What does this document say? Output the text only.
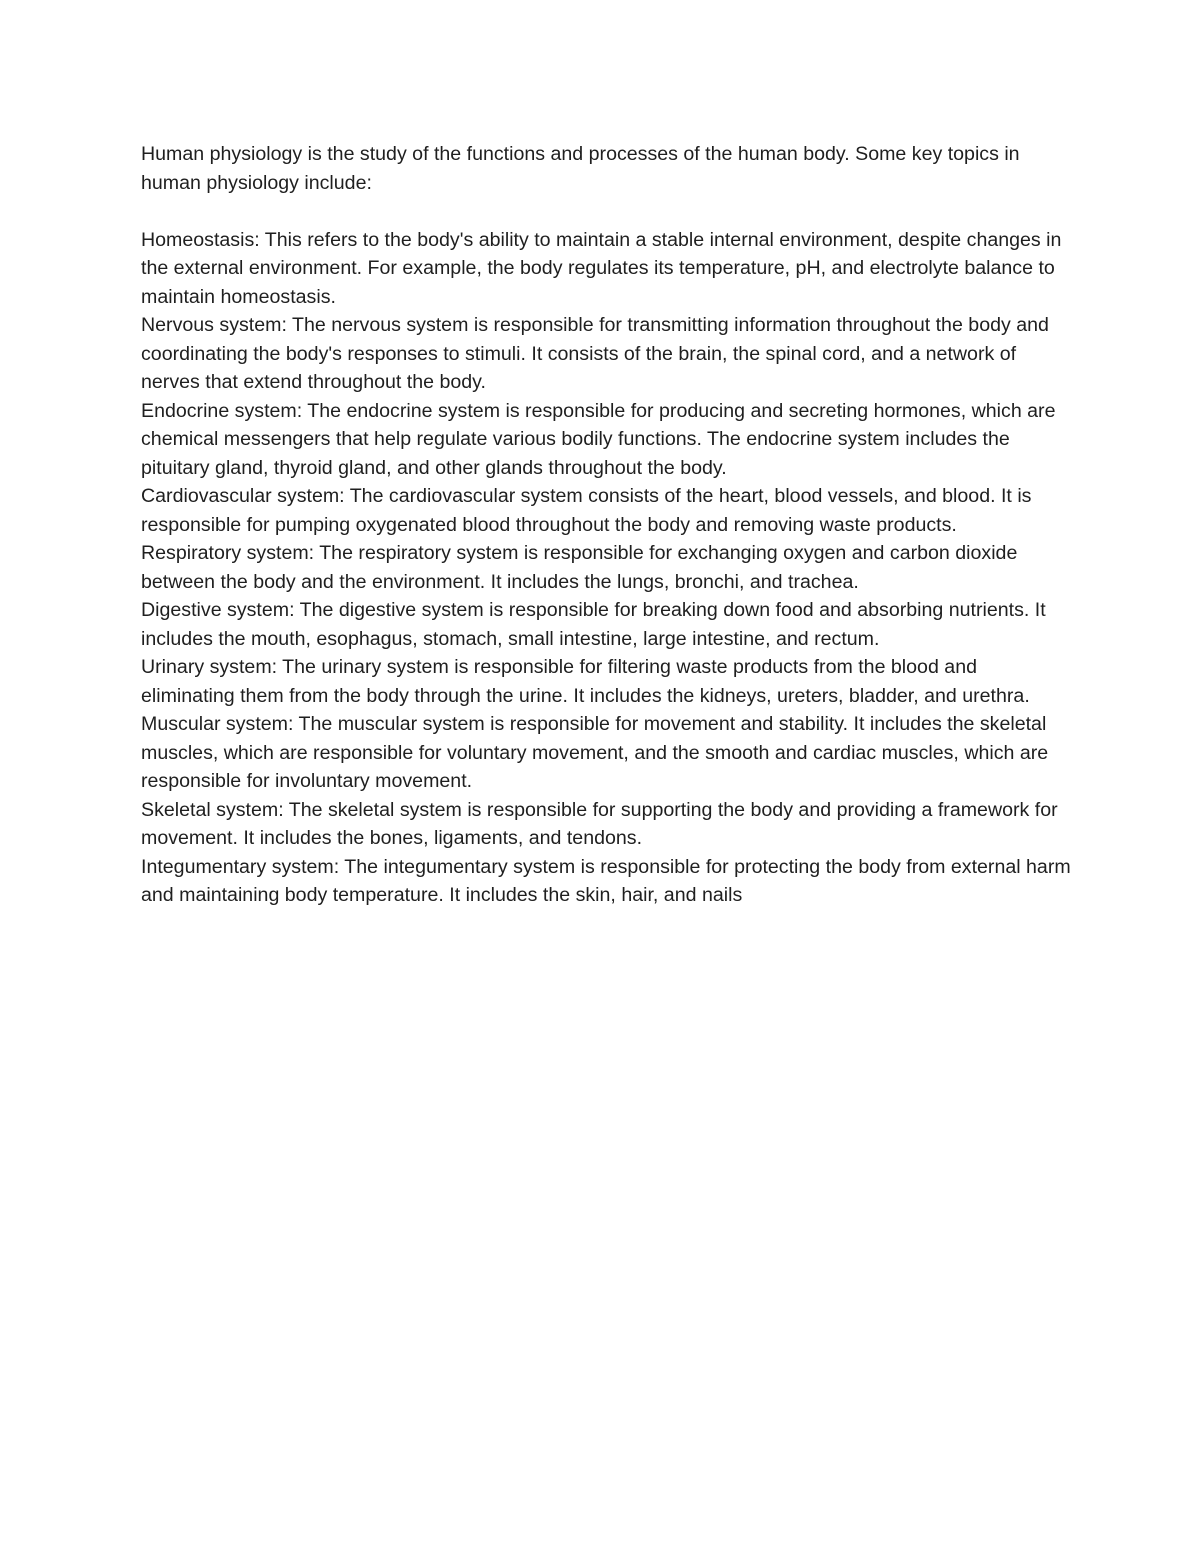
Human physiology is the study of the functions and processes of the human body. Some key topics in human physiology include:

Homeostasis: This refers to the body's ability to maintain a stable internal environment, despite changes in the external environment. For example, the body regulates its temperature, pH, and electrolyte balance to maintain homeostasis.

Nervous system: The nervous system is responsible for transmitting information throughout the body and coordinating the body's responses to stimuli. It consists of the brain, the spinal cord, and a network of nerves that extend throughout the body.

Endocrine system: The endocrine system is responsible for producing and secreting hormones, which are chemical messengers that help regulate various bodily functions. The endocrine system includes the pituitary gland, thyroid gland, and other glands throughout the body.

Cardiovascular system: The cardiovascular system consists of the heart, blood vessels, and blood. It is responsible for pumping oxygenated blood throughout the body and removing waste products.

Respiratory system: The respiratory system is responsible for exchanging oxygen and carbon dioxide between the body and the environment. It includes the lungs, bronchi, and trachea.

Digestive system: The digestive system is responsible for breaking down food and absorbing nutrients. It includes the mouth, esophagus, stomach, small intestine, large intestine, and rectum.

Urinary system: The urinary system is responsible for filtering waste products from the blood and eliminating them from the body through the urine. It includes the kidneys, ureters, bladder, and urethra.

Muscular system: The muscular system is responsible for movement and stability. It includes the skeletal muscles, which are responsible for voluntary movement, and the smooth and cardiac muscles, which are responsible for involuntary movement.

Skeletal system: The skeletal system is responsible for supporting the body and providing a framework for movement. It includes the bones, ligaments, and tendons.

Integumentary system: The integumentary system is responsible for protecting the body from external harm and maintaining body temperature. It includes the skin, hair, and nails
